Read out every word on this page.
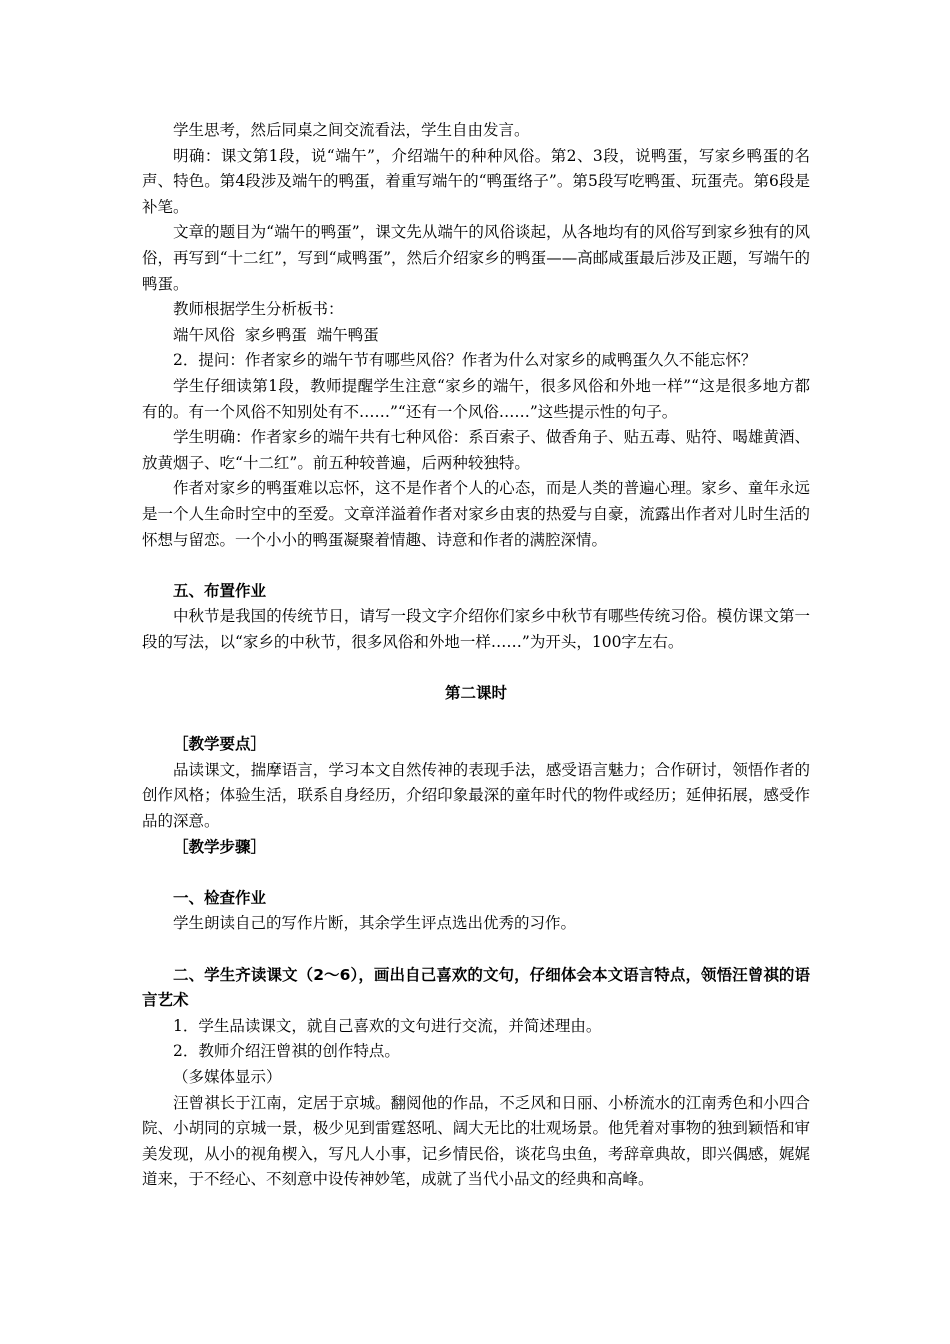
学生思考，然后同桌之间交流看法，学生自由发言。

明确：课文第1段，说“端午”，介绍端午的种种风俗。第2、3段，说鸭蛋，写家乡鸭蛋的名声、特色。第4段涉及端午的鸭蛋，着重写端午的“鸭蛋络子”。第5段写吃鸭蛋、玩蛋壳。第6段是补笔。

文章的题目为“端午的鸭蛋”，课文先从端午的风俗谈起，从各地均有的风俗写到家乡独有的风俗，再写到“十二红”，写到“咸鸭蛋”，然后介绍家乡的鸭蛋——高邮咸蛋最后涉及正题，写端午的鸭蛋。

教师根据学生分析板书：

端午风俗  家乡鸭蛋  端午鸭蛋

2．提问：作者家乡的端午节有哪些风俗？作者为什么对家乡的咸鸭蛋久久不能忘怀？

学生仔细读第1段，教师提醒学生注意“家乡的端午，很多风俗和外地一样”“这是很多地方都有的。有一个风俗不知别处有不……”“还有一个风俗……”这些提示性的句子。

学生明确：作者家乡的端午共有七种风俗：系百索子、做香角子、贴五毒、贴符、喝雄黄酒、放黄烟子、吃“十二红”。前五种较普遍，后两种较独特。

作者对家乡的鸭蛋难以忘怀，这不是作者个人的心态，而是人类的普遍心理。家乡、童年永远是一个人生命时空中的至爱。文章洋溢着作者对家乡由衷的热爱与自豪，流露出作者对儿时生活的怀想与留恋。一个小小的鸭蛋凝聚着情趣、诗意和作者的满腔深情。

五、布置作业

中秋节是我国的传统节日，请写一段文字介绍你们家乡中秋节有哪些传统习俗。模仿课文第一段的写法，以“家乡的中秋节，很多风俗和外地一样……”为开头，100字左右。

第二课时

［教学要点］

品读课文，揣摩语言，学习本文自然传神的表现手法，感受语言魅力；合作研讨，领悟作者的创作风格；体验生活，联系自身经历，介绍印象最深的童年时代的物件或经历；延伸拓展，感受作品的深意。

［教学步骤］

一、检查作业

学生朗读自己的写作片断，其余学生评点选出优秀的习作。

二、学生齐读课文（2～6），画出自己喜欢的文句，仔细体会本文语言特点，领悟汪曾祺的语言艺术

1．学生品读课文，就自己喜欢的文句进行交流，并简述理由。

2．教师介绍汪曾祺的创作特点。

（多媒体显示）

汪曾祺长于江南，定居于京城。翻阅他的作品，不乏风和日丽、小桥流水的江南秀色和小四合院、小胡同的京城一景，极少见到雷霆怒吼、阔大无比的壮观场景。他凭着对事物的独到颖悟和审美发现，从小的视角楔入，写凡人小事，记乡情民俗，谈花鸟虫鱼，考辞章典故，即兴偶感，娓娓道来，于不经心、不刻意中设传神妙笔，成就了当代小品文的经典和高峰。
